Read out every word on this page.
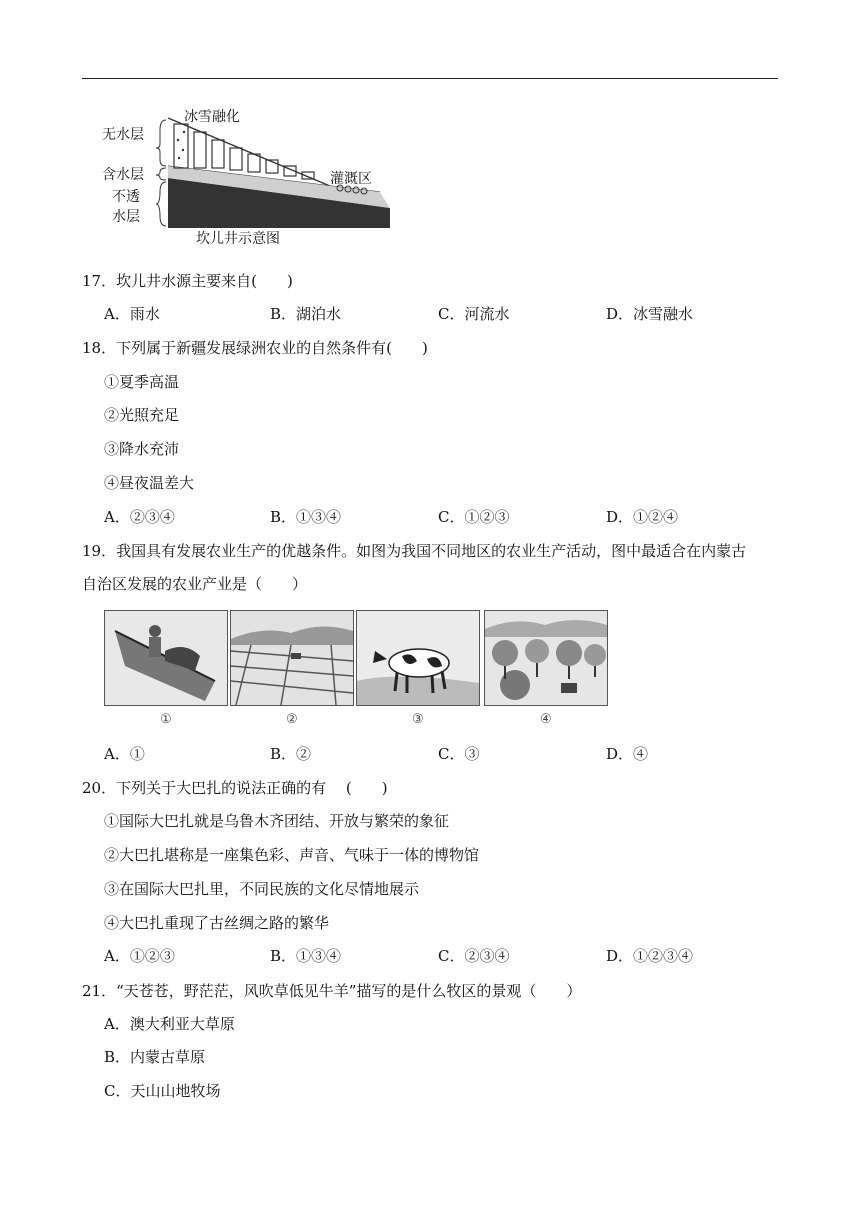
冰雪融化
无水层
含水层
不透
水层
灌溉区
坎儿井示意图
17．坎儿井水源主要来自(　　)
A．雨水	B．湖泊水	C．河流水	D．冰雪融水
18．下列属于新疆发展绿洲农业的自然条件有(　　)
①夏季高温
②光照充足
③降水充沛
④昼夜温差大
A．②③④	B．①③④	C．①②③	D．①②④
19．我国具有发展农业生产的优越条件。如图为我国不同地区的农业生产活动，图中最适合在内蒙古
自治区发展的农业产业是（　　）
①	②	③	④
A．①	B．②	C．③	D．④
20．下列关于大巴扎的说法正确的有　 (　　)
①国际大巴扎就是乌鲁木齐团结、开放与繁荣的象征
②大巴扎堪称是一座集色彩、声音、气味于一体的博物馆
③在国际大巴扎里，不同民族的文化尽情地展示
④大巴扎重现了古丝绸之路的繁华
A．①②③	B．①③④	C．②③④	D．①②③④
21．“天苍苍，野茫茫，风吹草低见牛羊”描写的是什么牧区的景观（　　）
A．澳大利亚大草原
B．内蒙古草原
C．天山山地牧场
